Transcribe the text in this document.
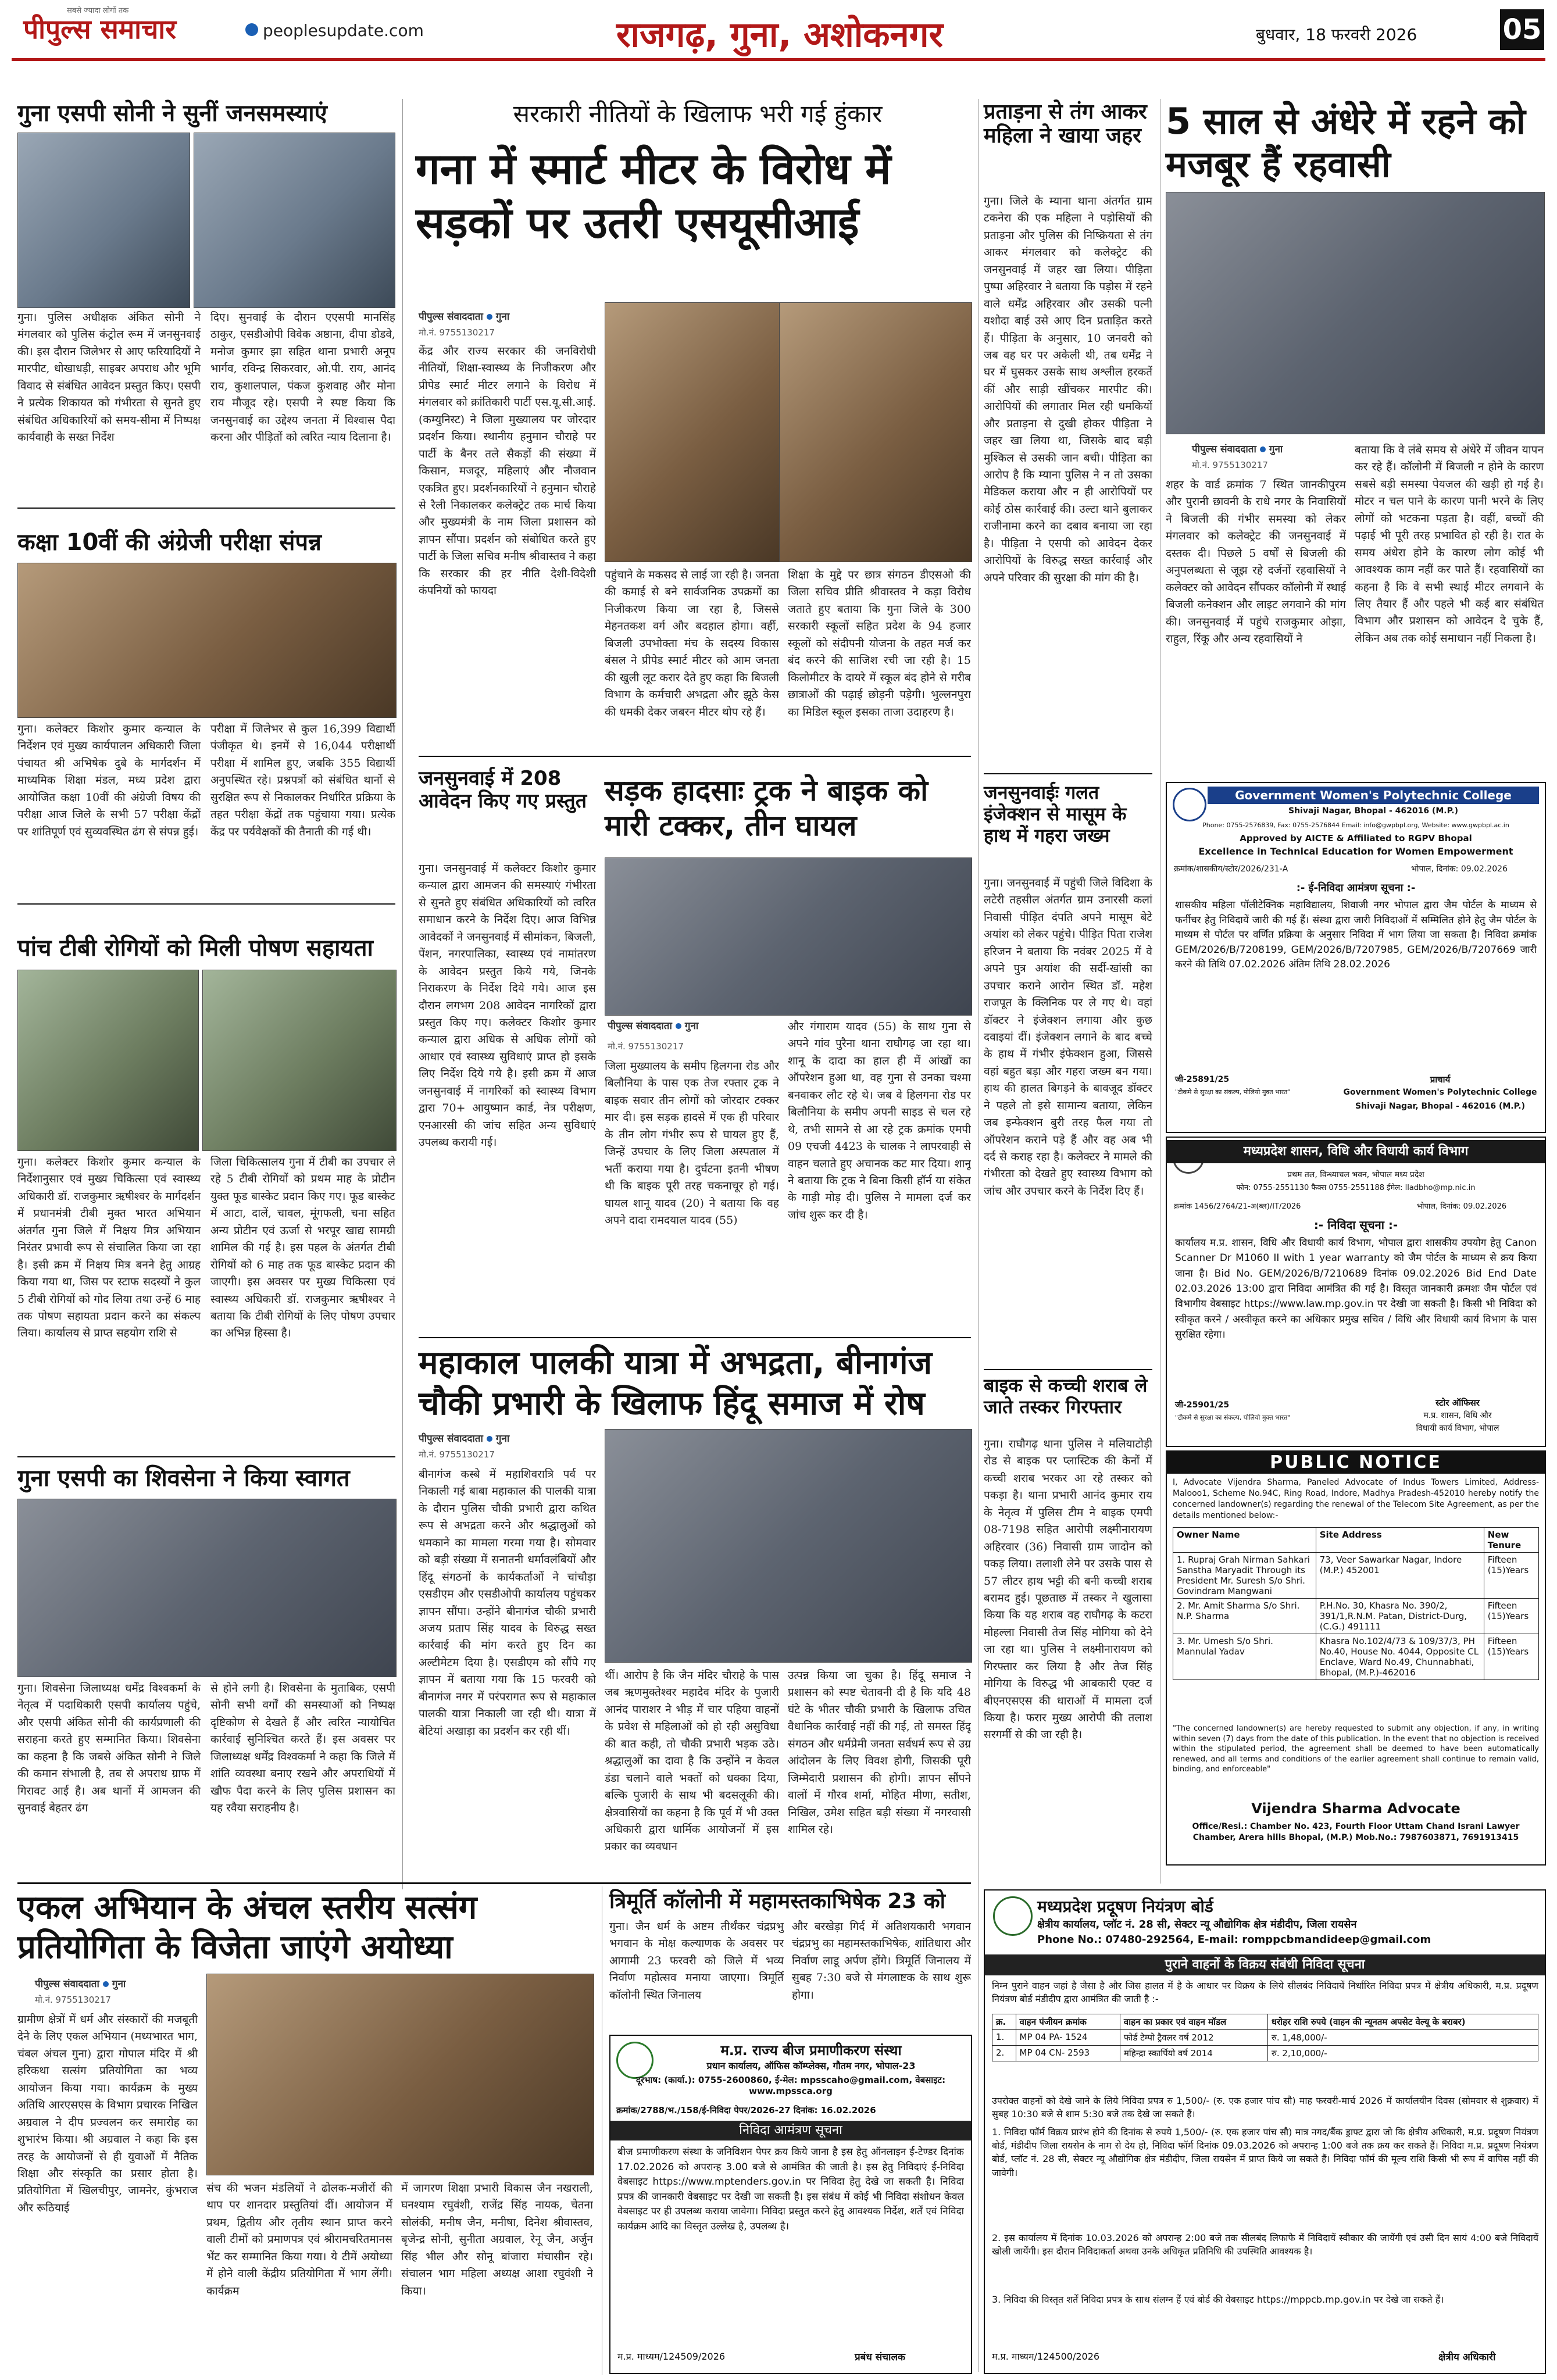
पीपुल्स समाचार
सबसे ज्यादा लोगों तक
peoplesupdate.com	राजगढ़, गुना, अशोकनगर	बुधवार, 18 फरवरी 2026	05
गुना एसपी सोनी ने सुनीं जनसमस्याएं
गुना। पुलिस अधीक्षक अंकित सोनी ने मंगलवार को पुलिस कंट्रोल रूम में जनसुनवाई की। इस दौरान जिलेभर से आए फरियादियों ने मारपीट, धोखाधड़ी, साइबर अपराध और भूमि विवाद से संबंधित आवेदन प्रस्तुत किए। एसपी ने प्रत्येक शिकायत को गंभीरता से सुनते हुए संबंधित अधिकारियों को समय-सीमा में निष्पक्ष कार्यवाही के सख्त निर्देश
दिए। सुनवाई के दौरान एएसपी मानसिंह ठाकुर, एसडीओपी विवेक अष्ठाना, दीपा डोडवे, मनोज कुमार झा सहित थाना प्रभारी अनूप भार्गव, रविन्द्र सिकरवार, ओ.पी. राय, आनंद राय, कुशालपाल, पंकज कुशवाह और मोना राय मौजूद रहे। एसपी ने स्पष्ट किया कि जनसुनवाई का उद्देश्य जनता में विश्वास पैदा करना और पीड़ितों को त्वरित न्याय दिलाना है।
कक्षा 10वीं की अंग्रेजी परीक्षा संपन्न
गुना। कलेक्टर किशोर कुमार कन्याल के निर्देशन एवं मुख्य कार्यपालन अधिकारी जिला पंचायत श्री अभिषेक दुबे के मार्गदर्शन में माध्यमिक शिक्षा मंडल, मध्य प्रदेश द्वारा आयोजित कक्षा 10वीं की अंग्रेजी विषय की परीक्षा आज जिले के सभी 57 परीक्षा केंद्रों पर शांतिपूर्ण एवं सुव्यवस्थित ढंग से संपन्न हुई।
परीक्षा में जिलेभर से कुल 16,399 विद्यार्थी पंजीकृत थे। इनमें से 16,044 परीक्षार्थी परीक्षा में शामिल हुए, जबकि 355 विद्यार्थी अनुपस्थित रहे। प्रश्नपत्रों को संबंधित थानों से सुरक्षित रूप से निकालकर निर्धारित प्रक्रिया के तहत परीक्षा केंद्रों तक पहुंचाया गया। प्रत्येक केंद्र पर पर्यवेक्षकों की तैनाती की गई थी।
पांच टीबी रोगियों को मिली पोषण सहायता
गुना। कलेक्टर किशोर कुमार कन्याल के निर्देशानुसार एवं मुख्य चिकित्सा एवं स्वास्थ्य अधिकारी डॉ. राजकुमार ऋषीश्वर के मार्गदर्शन में प्रधानमंत्री टीबी मुक्त भारत अभियान अंतर्गत गुना जिले में निक्षय मित्र अभियान निरंतर प्रभावी रूप से संचालित किया जा रहा है। इसी क्रम में निक्षय मित्र बनने हेतु आग्रह किया गया था, जिस पर स्टाफ सदस्यों ने कुल 5 टीबी रोगियों को गोद लिया तथा उन्हें 6 माह तक पोषण सहायता प्रदान करने का संकल्प लिया। कार्यालय से प्राप्त सहयोग राशि से
जिला चिकित्सालय गुना में टीबी का उपचार ले रहे 5 टीबी रोगियों को प्रथम माह के प्रोटीन युक्त फूड बास्केट प्रदान किए गए। फूड बास्केट में आटा, दालें, चावल, मूंगफली, चना सहित अन्य प्रोटीन एवं ऊर्जा से भरपूर खाद्य सामग्री शामिल की गई है। इस पहल के अंतर्गत टीबी रोगियों को 6 माह तक फूड बास्केट प्रदान की जाएगी। इस अवसर पर मुख्य चिकित्सा एवं स्वास्थ्य अधिकारी डॉ. राजकुमार ऋषीश्वर ने बताया कि टीबी रोगियों के लिए पोषण उपचार का अभिन्न हिस्सा है।
गुना एसपी का शिवसेना ने किया स्वागत
गुना। शिवसेना जिलाध्यक्ष धर्मेंद्र विश्वकर्मा के नेतृत्व में पदाधिकारी एसपी कार्यालय पहुंचे, और एसपी अंकित सोनी की कार्यप्रणाली की सराहना करते हुए सम्मानित किया। शिवसेना का कहना है कि जबसे अंकित सोनी ने जिले की कमान संभाली है, तब से अपराध ग्राफ में गिरावट आई है। अब थानों में आमजन की सुनवाई बेहतर ढंग
से होने लगी है। शिवसेना के मुताबिक, एसपी सोनी सभी वर्गों की समस्याओं को निष्पक्ष दृष्टिकोण से देखते हैं और त्वरित न्यायोचित कार्रवाई सुनिश्चित करते हैं। इस अवसर पर जिलाध्यक्ष धर्मेंद्र विश्वकर्मा ने कहा कि जिले में शांति व्यवस्था बनाए रखने और अपराधियों में खौफ पैदा करने के लिए पुलिस प्रशासन का यह रवैया सराहनीय है।
सरकारी नीतियों के खिलाफ भरी गई हुंकार
गना में स्मार्ट मीटर के विरोध में सड़कों पर उतरी एसयूसीआई
पीपुल्स संवाददाता गुना
मो.नं. 9755130217
केंद्र और राज्य सरकार की जनविरोधी नीतियों, शिक्षा-स्वास्थ्य के निजीकरण और प्रीपेड स्मार्ट मीटर लगाने के विरोध में मंगलवार को क्रांतिकारी पार्टी एस.यू.सी.आई. (कम्युनिस्ट) ने जिला मुख्यालय पर जोरदार प्रदर्शन किया। स्थानीय हनुमान चौराहे पर पार्टी के बैनर तले सैकड़ों की संख्या में किसान, मजदूर, महिलाएं और नौजवान एकत्रित हुए। प्रदर्शनकारियों ने हनुमान चौराहे से रैली निकालकर कलेक्ट्रेट तक मार्च किया और मुख्यमंत्री के नाम जिला प्रशासन को ज्ञापन सौंपा। प्रदर्शन को संबोधित करते हुए पार्टी के जिला सचिव मनीष श्रीवास्तव ने कहा कि सरकार की हर नीति देशी-विदेशी कंपनियों को फायदा
पहुंचाने के मकसद से लाई जा रही है। जनता की कमाई से बने सार्वजनिक उपक्रमों का निजीकरण किया जा रहा है, जिससे मेहनतकश वर्ग और बदहाल होगा। वहीं, बिजली उपभोक्ता मंच के सदस्य विकास बंसल ने प्रीपेड स्मार्ट मीटर को आम जनता की खुली लूट करार देते हुए कहा कि बिजली विभाग के कर्मचारी अभद्रता और झूठे केस की धमकी देकर जबरन मीटर थोप रहे हैं।
शिक्षा के मुद्दे पर छात्र संगठन डीएसओ की जिला सचिव प्रीति श्रीवास्तव ने कड़ा विरोध जताते हुए बताया कि गुना जिले के 300 सरकारी स्कूलों सहित प्रदेश के 94 हजार स्कूलों को संदीपनी योजना के तहत मर्ज कर बंद करने की साजिश रची जा रही है। 15 किलोमीटर के दायरे में स्कूल बंद होने से गरीब छात्राओं की पढ़ाई छोड़नी पड़ेगी। भुल्लनपुरा का मिडिल स्कूल इसका ताजा उदाहरण है।
जनसुनवाई में 208 आवेदन किए गए प्रस्तुत
गुना। जनसुनवाई में कलेक्टर किशोर कुमार कन्याल द्वारा आमजन की समस्याएं गंभीरता से सुनते हुए संबंधित अधिकारियों को त्वरित समाधान करने के निर्देश दिए। आज विभिन्न आवेदकों ने जनसुनवाई में सीमांकन, बिजली, पेंशन, नगरपालिका, स्वास्थ्य एवं नामांतरण के आवेदन प्रस्तुत किये गये, जिनके निराकरण के निर्देश दिये गये। आज इस दौरान लगभग 208 आवेदन नागरिकों द्वारा प्रस्तुत किए गए। कलेक्टर किशोर कुमार कन्याल द्वारा अधिक से अधिक लोगों को आधार एवं स्वास्थ्य सुविधाएं प्राप्त हो इसके लिए निर्देश दिये गये है। इसी क्रम में आज जनसुनवाई में नागरिकों को स्वास्थ्य विभाग द्वारा 70+ आयुष्मान कार्ड, नेत्र परीक्षण, एनआरसी की जांच सहित अन्य सुविधाएं उपलब्ध करायी गई।
सड़क हादसाः ट्रक ने बाइक को मारी टक्कर, तीन घायल
पीपुल्स संवाददाता गुना
मो.नं. 9755130217
जिला मुख्यालय के समीप हिलगना रोड और बिलौनिया के पास एक तेज रफ्तार ट्रक ने बाइक सवार तीन लोगों को जोरदार टक्कर मार दी। इस सड़क हादसे में एक ही परिवार के तीन लोग गंभीर रूप से घायल हुए हैं, जिन्हें उपचार के लिए जिला अस्पताल में भर्ती कराया गया है। दुर्घटना इतनी भीषण थी कि बाइक पूरी तरह चकनाचूर हो गई। घायल शानू यादव (20) ने बताया कि वह अपने दादा रामदयाल यादव (55)
और गंगाराम यादव (55) के साथ गुना से अपने गांव पुरैना थाना राघौगढ़ जा रहा था। शानू के दादा का हाल ही में आंखों का ऑपरेशन हुआ था, वह गुना से उनका चश्मा बनवाकर लौट रहे थे। जब वे हिलगना रोड पर बिलौनिया के समीप अपनी साइड से चल रहे थे, तभी सामने से आ रहे ट्रक क्रमांक एमपी 09 एचजी 4423 के चालक ने लापरवाही से वाहन चलाते हुए अचानक कट मार दिया। शानू ने बताया कि ट्रक ने बिना किसी हॉर्न या संकेत के गाड़ी मोड़ दी। पुलिस ने मामला दर्ज कर जांच शुरू कर दी है।
महाकाल पालकी यात्रा में अभद्रता, बीनागंज चौकी प्रभारी के खिलाफ हिंदू समाज में रोष
पीपुल्स संवाददाता गुना
मो.नं. 9755130217
बीनागंज कस्बे में महाशिवरात्रि पर्व पर निकाली गई बाबा महाकाल की पालकी यात्रा के दौरान पुलिस चौकी प्रभारी द्वारा कथित रूप से अभद्रता करने और श्रद्धालुओं को धमकाने का मामला गरमा गया है। सोमवार को बड़ी संख्या में सनातनी धर्मावलंबियों और हिंदू संगठनों के कार्यकर्ताओं ने चांचौड़ा एसडीएम और एसडीओपी कार्यालय पहुंचकर ज्ञापन सौंपा। उन्होंने बीनागंज चौकी प्रभारी अजय प्रताप सिंह यादव के विरुद्ध सख्त कार्रवाई की मांग करते हुए दिन का अल्टीमेटम दिया है। एसडीएम को सौंपे गए ज्ञापन में बताया गया कि 15 फरवरी को बीनागंज नगर में परंपरागत रूप से महाकाल पालकी यात्रा निकाली जा रही थी। यात्रा में बेटियां अखाड़ा का प्रदर्शन कर रही थीं।
थीं। आरोप है कि जैन मंदिर चौराहे के पास जब ऋणमुक्तेश्वर महादेव मंदिर के पुजारी आनंद पाराशर ने भीड़ में चार पहिया वाहनों के प्रवेश से महिलाओं को हो रही असुविधा की बात कही, तो चौकी प्रभारी भड़क उठे। श्रद्धालुओं का दावा है कि उन्होंने न केवल डंडा चलाने वाले भक्तों को धक्का दिया, बल्कि पुजारी के साथ भी बदसलूकी की। क्षेत्रवासियों का कहना है कि पूर्व में भी उक्त अधिकारी द्वारा धार्मिक आयोजनों में इस प्रकार का व्यवधान
उत्पन्न किया जा चुका है। हिंदू समाज ने प्रशासन को स्पष्ट चेतावनी दी है कि यदि 48 घंटे के भीतर चौकी प्रभारी के खिलाफ उचित वैधानिक कार्रवाई नहीं की गई, तो समस्त हिंदू संगठन और धर्मप्रेमी जनता सर्वधर्म रूप से उग्र आंदोलन के लिए विवश होगी, जिसकी पूरी जिम्मेदारी प्रशासन की होगी। ज्ञापन सौंपने वालों में गौरव शर्मा, मोहित मीणा, सतीश, निखिल, उमेश सहित बड़ी संख्या में नगरवासी शामिल रहे।
एकल अभियान के अंचल स्तरीय सत्संग प्रतियोगिता के विजेता जाएंगे अयोध्या
पीपुल्स संवाददाता गुना
मो.नं. 9755130217
ग्रामीण क्षेत्रों में धर्म और संस्कारों की मजबूती देने के लिए एकल अभियान (मध्यभारत भाग, चंबल अंचल गुना) द्वारा गोपाल मंदिर में श्री हरिकथा सत्संग प्रतियोगिता का भव्य आयोजन किया गया। कार्यक्रम के मुख्य अतिथि आरएसएस के विभाग प्रचारक निखिल अग्रवाल ने दीप प्रज्वलन कर समारोह का शुभारंभ किया। श्री अग्रवाल ने कहा कि इस तरह के आयोजनों से ही युवाओं में नैतिक शिक्षा और संस्कृति का प्रसार होता है। प्रतियोगिता में खिलचीपुर, जामनेर, कुंभराज और रूठियाई
संच की भजन मंडलियों ने ढोलक-मजीरों की थाप पर शानदार प्रस्तुतियां दीं। आयोजन में प्रथम, द्वितीय और तृतीय स्थान प्राप्त करने वाली टीमों को प्रमाणपत्र एवं श्रीरामचरितमानस भेंट कर सम्मानित किया गया। ये टीमें अयोध्या में होने वाली केंद्रीय प्रतियोगिता में भाग लेंगी। कार्यक्रम
में जागरण शिक्षा प्रभारी विकास जैन नखराली, घनश्याम रघुवंशी, राजेंद्र सिंह नायक, चेतना सोलंकी, मनीष जैन, मनीषा, दिनेश श्रीवास्तव, बृजेन्द्र सोनी, सुनीता अग्रवाल, रेनू जैन, अर्जुन सिंह भील और सोनू बांजारा मंचासीन रहे। संचालन भाग महिला अध्यक्ष आशा रघुवंशी ने किया।
त्रिमूर्ति कॉलोनी में महामस्तकाभिषेक 23 को
गुना। जैन धर्म के अष्टम तीर्थंकर चंद्रप्रभु भगवान के मोक्ष कल्याणक के अवसर पर आगामी 23 फरवरी को जिले में भव्य निर्वाण महोत्सव मनाया जाएगा। त्रिमूर्ति कॉलोनी स्थित जिनालय
और बरखेड़ा गिर्द में अतिशयकारी भगवान चंद्रप्रभु का महामस्तकाभिषेक, शांतिधारा और निर्वाण लाडू अर्पण होंगे। त्रिमूर्ति जिनालय में सुबह 7:30 बजे से मंगलाष्टक के साथ शुरू होगा।
म.प्र. राज्य बीज प्रमाणीकरण संस्था
प्रधान कार्यालय, ऑफिस कॉम्प्लेक्स, गौतम नगर, भोपाल-23
दूरभाष: (कार्या.): 0755-2600860, ई-मेल: mpsscaho@gmail.com, वेबसाइट: www.mpssca.org
क्रमांक/2788/भ./158/ई-निविदा पेपर/2026-27 दिनांक: 16.02.2026
निविदा आमंत्रण सूचना
बीज प्रमाणीकरण संस्था के जनिविशन पेपर क्रय किये जाना है इस हेतु ऑनलाइन ई-टेण्डर दिनांक 17.02.2026 को अपरान्ह 3.00 बजे से आमंत्रित की जाती है। इस हेतु निविदाएं ई-निविदा वेबसाइट https://www.mptenders.gov.in पर निविदा हेतु देखे जा सकती है। निविदा प्रपत्र की जानकारी वेबसाइट पर देखी जा सकती है। इस संबंध में कोई भी निविदा संशोधन केवल वेबसाइट पर ही उपलब्ध कराया जावेगा। निविदा प्रस्तुत करने हेतु आवश्यक निर्देश, शर्तें एवं निविदा कार्यक्रम आदि का विस्तृत उल्लेख है, उपलब्ध है।
म.प्र. माध्यम/124509/2026	प्रबंध संचालक
प्रताड़ना से तंग आकर महिला ने खाया जहर
गुना। जिले के म्याना थाना अंतर्गत ग्राम टकनेरा की एक महिला ने पड़ोसियों की प्रताड़ना और पुलिस की निष्क्रियता से तंग आकर मंगलवार को कलेक्ट्रेट की जनसुनवाई में जहर खा लिया। पीड़िता पुष्पा अहिरवार ने बताया कि पड़ोस में रहने वाले धर्मेंद्र अहिरवार और उसकी पत्नी यशोदा बाई उसे आए दिन प्रताड़ित करते हैं। पीड़िता के अनुसार, 10 जनवरी को जब वह घर पर अकेली थी, तब धर्मेंद्र ने घर में घुसकर उसके साथ अश्लील हरकतें कीं और साड़ी खींचकर मारपीट की। आरोपियों की लगातार मिल रही धमकियों और प्रताड़ना से दुखी होकर पीड़िता ने जहर खा लिया था, जिसके बाद बड़ी मुश्किल से उसकी जान बची। पीड़िता का आरोप है कि म्याना पुलिस ने न तो उसका मेडिकल कराया और न ही आरोपियों पर कोई ठोस कार्रवाई की। उल्टा थाने बुलाकर राजीनामा करने का दबाव बनाया जा रहा है। पीड़िता ने एसपी को आवेदन देकर आरोपियों के विरुद्ध सख्त कार्रवाई और अपने परिवार की सुरक्षा की मांग की है।
जनसुनवाईः गलत इंजेक्शन से मासूम के हाथ में गहरा जख्म
गुना। जनसुनवाई में पहुंची जिले विदिशा के लटेरी तहसील अंतर्गत ग्राम उनारसी कलां निवासी पीड़ित दंपति अपने मासूम बेटे अयांश को लेकर पहुंचे। पीड़ित पिता राजेश हरिजन ने बताया कि नवंबर 2025 में वे अपने पुत्र अयांश की सर्दी-खांसी का उपचार कराने आरोन स्थित डॉ. महेश राजपूत के क्लिनिक पर ले गए थे। वहां डॉक्टर ने इंजेक्शन लगाया और कुछ दवाइयां दीं। इंजेक्शन लगाने के बाद बच्चे के हाथ में गंभीर इंफेक्शन हुआ, जिससे वहां बहुत बड़ा और गहरा जख्म बन गया। हाथ की हालत बिगड़ने के बावजूद डॉक्टर ने पहले तो इसे सामान्य बताया, लेकिन जब इन्फेक्शन बुरी तरह फैल गया तो ऑपरेशन कराने पड़े हैं और वह अब भी दर्द से कराह रहा है। कलेक्टर ने मामले की गंभीरता को देखते हुए स्वास्थ्य विभाग को जांच और उपचार करने के निर्देश दिए हैं।
बाइक से कच्ची शराब ले जाते तस्कर गिरफ्तार
गुना। राघौगढ़ थाना पुलिस ने मलियाटोड़ी रोड से बाइक पर प्लास्टिक की केनों में कच्ची शराब भरकर आ रहे तस्कर को पकड़ा है। थाना प्रभारी आनंद कुमार राय के नेतृत्व में पुलिस टीम ने बाइक एमपी 08-7198 सहित आरोपी लक्ष्मीनारायण अहिरवार (36) निवासी ग्राम जादोन को पकड़ लिया। तलाशी लेने पर उसके पास से 57 लीटर हाथ भट्टी की बनी कच्ची शराब बरामद हुई। पूछताछ में तस्कर ने खुलासा किया कि यह शराब वह राघौगढ़ के कटरा मोहल्ला निवासी तेज सिंह मोगिया को देने जा रहा था। पुलिस ने लक्ष्मीनारायण को गिरफ्तार कर लिया है और तेज सिंह मोगिया के विरुद्ध भी आबकारी एक्ट व बीएनएसएस की धाराओं में मामला दर्ज किया है। फरार मुख्य आरोपी की तलाश सरगर्मी से की जा रही है।
5 साल से अंधेरे में रहने को मजबूर हैं रहवासी
पीपुल्स संवाददाता गुना
मो.नं. 9755130217
शहर के वार्ड क्रमांक 7 स्थित जानकीपुरम और पुरानी छावनी के राधे नगर के निवासियों ने बिजली की गंभीर समस्या को लेकर मंगलवार को कलेक्ट्रेट की जनसुनवाई में दस्तक दी। पिछले 5 वर्षों से बिजली की अनुपलब्धता से जूझ रहे दर्जनों रहवासियों ने कलेक्टर को आवेदन सौंपकर कॉलोनी में स्थाई बिजली कनेक्शन और लाइट लगवाने की मांग की। जनसुनवाई में पहुंचे राजकुमार ओझा, राहुल, रिंकू और अन्य रहवासियों ने
बताया कि वे लंबे समय से अंधेरे में जीवन यापन कर रहे हैं। कॉलोनी में बिजली न होने के कारण सबसे बड़ी समस्या पेयजल की खड़ी हो गई है। मोटर न चल पाने के कारण पानी भरने के लिए लोगों को भटकना पड़ता है। वहीं, बच्चों की पढ़ाई भी पूरी तरह प्रभावित हो रही है। रात के समय अंधेरा होने के कारण लोग कोई भी आवश्यक काम नहीं कर पाते हैं। रहवासियों का कहना है कि वे सभी स्थाई मीटर लगवाने के लिए तैयार हैं और पहले भी कई बार संबंधित विभाग और प्रशासन को आवेदन दे चुके हैं, लेकिन अब तक कोई समाधान नहीं निकला है।
Government Women's Polytechnic College
Shivaji Nagar, Bhopal - 462016 (M.P.)
Phone: 0755-2576839, Fax: 0755-2576844 Email: info@gwpbpl.org, Website: www.gwpbpl.ac.in
Approved by AICTE & Affiliated to RGPV Bhopal
Excellence in Technical Education for Women Empowerment
क्रमांक/शासकीय/स्टोर/2026/231-A	भोपाल, दिनांक: 09.02.2026
:- ई-निविदा आमंत्रण सूचना :-
शासकीय महिला पॉलीटेक्निक महाविद्यालय, शिवाजी नगर भोपाल द्वारा जैम पोर्टल के माध्यम से फर्नीचर हेतु निविदायें जारी की गई हैं। संस्था द्वारा जारी निविदाओं में सम्मिलित होने हेतु जैम पोर्टल के माध्यम से पोर्टल पर वर्णित प्रक्रिया के अनुसार निविदा में भाग लिया जा सकता है। निविदा क्रमांक GEM/2026/B/7208199, GEM/2026/B/7207985, GEM/2026/B/7207669 जारी करने की तिथि 07.02.2026 अंतिम तिथि 28.02.2026
जी-25891/25
"टीकमे से सुरक्षा का संकल्प, पोलियो मुक्त भारत"
प्राचार्य
Government Women's Polytechnic College
Shivaji Nagar, Bhopal - 462016 (M.P.)
मध्यप्रदेश शासन, विधि और विधायी कार्य विभाग
प्रथम तल, विन्ध्याचल भवन, भोपाल मध्य प्रदेश
फोन: 0755-2551130 फैक्स 0755-2551188 ईमेल: lladbho@mp.nic.in
क्रमांक 1456/2764/21-अ(ब्ल)/IT/2026	भोपाल, दिनांक: 09.02.2026
:- निविदा सूचना :-
कार्यालय म.प्र. शासन, विधि और विधायी कार्य विभाग, भोपाल द्वारा शासकीय उपयोग हेतु Canon Scanner Dr M1060 II with 1 year warranty को जैम पोर्टल के माध्यम से क्रय किया जाना है। Bid No. GEM/2026/B/7210689 दिनांक 09.02.2026 Bid End Date 02.03.2026 13:00 द्वारा निविदा आमंत्रित की गई है। विस्तृत जानकारी क्रमशः जैम पोर्टल एवं विभागीय वेबसाइट https://www.law.mp.gov.in पर देखी जा सकती है। किसी भी निविदा को स्वीकृत करने / अस्वीकृत करने का अधिकार प्रमुख सचिव / विधि और विधायी कार्य विभाग के पास सुरक्षित रहेगा।
जी-25901/25
"टीकमे से सुरक्षा का संकल्प, पोलियो मुक्त भारत"
स्टोर ऑफिसर
म.प्र. शासन, विधि और
विधायी कार्य विभाग, भोपाल
PUBLIC NOTICE
I, Advocate Vijendra Sharma, Paneled Advocate of Indus Towers Limited, Address-Malooo1, Scheme No.94C, Ring Road, Indore, Madhya Pradesh-452010 hereby notify the concerned landowner(s) regarding the renewal of the Telecom Site Agreement, as per the details mentioned below:-
Owner Name	Site Address	New Tenure
1. Rupraj Grah Nirman Sahkari Sanstha Maryadit Through its President Mr. Suresh S/o Shri. Govindram Mangwani	73, Veer Sawarkar Nagar, Indore (M.P.) 452001	Fifteen (15)Years
2. Mr. Amit Sharma S/o Shri. N.P. Sharma	P.H.No. 30, Khasra No. 390/2, 391/1,R.N.M. Patan, District-Durg,(C.G.) 491111	Fifteen (15)Years
3. Mr. Umesh S/o Shri. Mannulal Yadav	Khasra No.102/4/73 & 109/37/3, PH No.40, House No. 4044, Opposite CL Enclave, Ward No.49, Chunnabhati, Bhopal, (M.P.)-462016	Fifteen (15)Years
"The concerned landowner(s) are hereby requested to submit any objection, if any, in writing within seven (7) days from the date of this publication. In the event that no objection is received within the stipulated period, the agreement shall be deemed to have been automatically renewed, and all terms and conditions of the earlier agreement shall continue to remain valid, binding, and enforceable"
Vijendra Sharma Advocate
Office/Resi.: Chamber No. 423, Fourth Floor Uttam Chand Israni Lawyer Chamber, Arera hills Bhopal, (M.P.) Mob.No.: 7987603871, 7691913415
मध्यप्रदेश प्रदूषण नियंत्रण बोर्ड
क्षेत्रीय कार्यालय, प्लॉट नं. 28 सी, सेक्टर न्यू औद्योगिक क्षेत्र मंडीदीप, जिला रायसेन
Phone No.: 07480-292564, E-mail: romppcbmandideep@gmail.com
पुराने वाहनों के विक्रय संबंधी निविदा सूचना
निम्न पुराने वाहन जहां है जैसा है और जिस हालत में है के आधार पर विक्रय के लिये सीलबंद निविदायें निर्धारित निविदा प्रपत्र में क्षेत्रीय अधिकारी, म.प्र. प्रदूषण नियंत्रण बोर्ड मंडीदीप द्वारा आमंत्रित की जाती है :-
क्र.	वाहन पंजीयन क्रमांक	वाहन का प्रकार एवं वाहन मॉडल	धरोहर राशि रुपये (वाहन की न्यूनतम अपसेट वेल्यू के बराबर)
1.	MP 04 PA- 1524	फोर्ड टेम्पो ट्रैवलर वर्ष 2012	रु. 1,48,000/-
2.	MP 04 CN- 2593	महिन्द्रा स्कार्पियो वर्ष 2014	रु. 2,10,000/-
उपरोक्त वाहनों को देखे जाने के लिये निविदा प्रपत्र रु 1,500/- (रु. एक हजार पांच सौ) माह फरवरी-मार्च 2026 में कार्यालयीन दिवस (सोमवार से शुक्रवार) में सुबह 10:30 बजे से शाम 5:30 बजे तक देखे जा सकते हैं।
1. निविदा फॉर्म विक्रय प्रारंभ होने की दिनांक से रुपये 1,500/- (रु. एक हजार पांच सौ) मात्र नगद/बैंक ड्राफ्ट द्वारा जो कि क्षेत्रीय अधिकारी, म.प्र. प्रदूषण नियंत्रण बोर्ड, मंडीदीप जिला रायसेन के नाम से देय हो, निविदा फॉर्म दिनांक 09.03.2026 को अपरान्ह 1:00 बजे तक क्रय कर सकते हैं। निविदा म.प्र. प्रदूषण नियंत्रण बोर्ड, प्लॉट नं. 28 सी, सेक्टर न्यू औद्योगिक क्षेत्र मंडीदीप, जिला रायसेन में प्राप्त किये जा सकते हैं। निविदा फॉर्म की मूल्य राशि किसी भी रूप में वापिस नहीं की जावेगी।
2. इस कार्यालय में दिनांक 10.03.2026 को अपरान्ह 2:00 बजे तक सीलबंद लिफाफे में निविदायें स्वीकार की जायेंगी एवं उसी दिन सायं 4:00 बजे निविदायें खोली जायेंगी। इस दौरान निविदाकर्ता अथवा उनके अधिकृत प्रतिनिधि की उपस्थिति आवश्यक है।
3. निविदा की विस्तृत शर्तें निविदा प्रपत्र के साथ संलग्न हैं एवं बोर्ड की वेबसाइट https://mppcb.mp.gov.in पर देखे जा सकते हैं।
म.प्र. माध्यम/124500/2026	क्षेत्रीय अधिकारी
